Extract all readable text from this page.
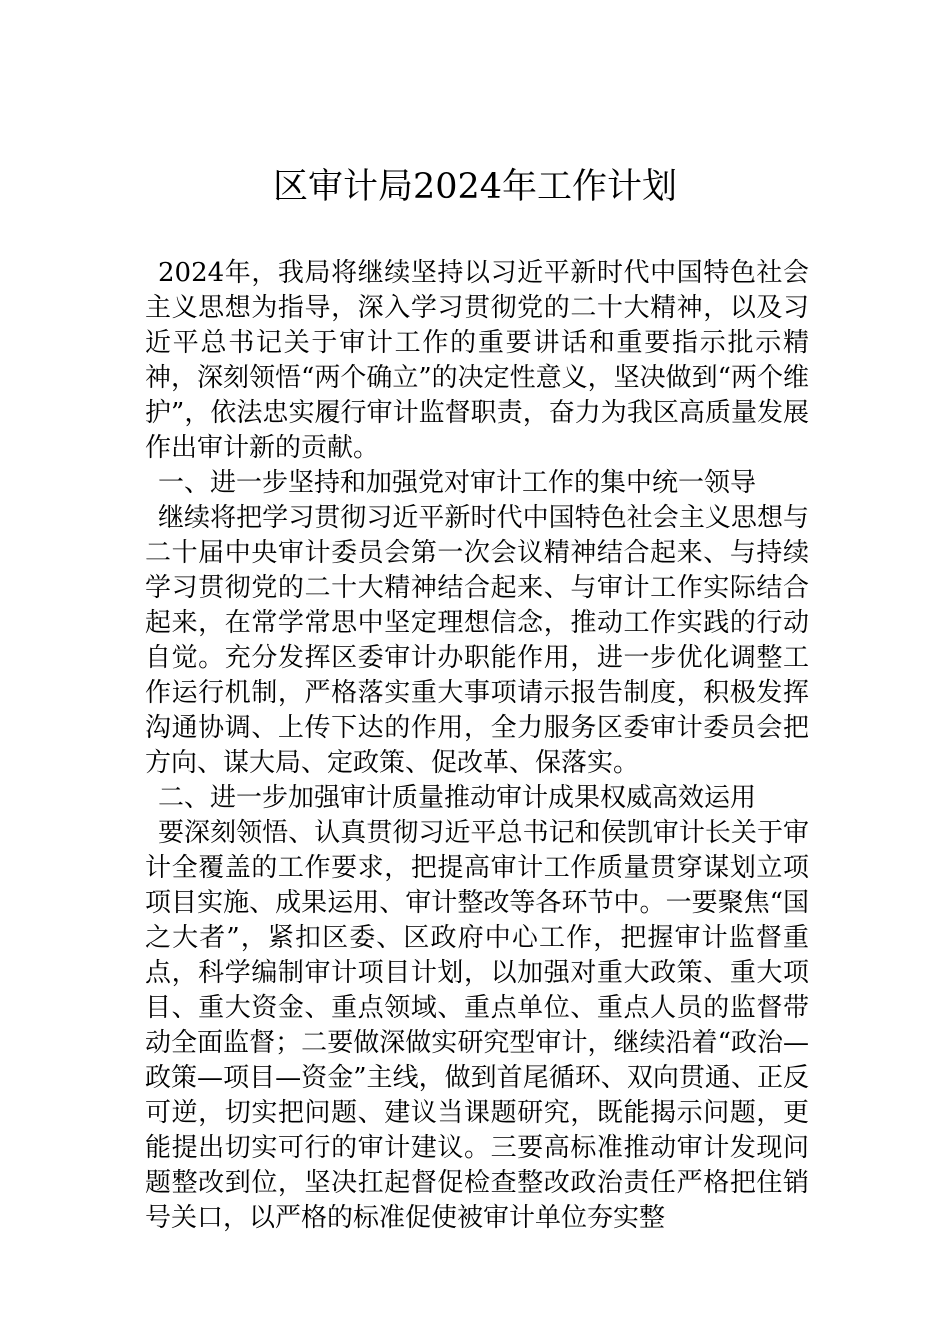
区审计局2024年工作计划

2024年，我局将继续坚持以习近平新时代中国特色社会主义思想为指导，深入学习贯彻党的二十大精神，以及习近平总书记关于审计工作的重要讲话和重要指示批示精神，深刻领悟“两个确立”的决定性意义，坚决做到“两个维护”，依法忠实履行审计监督职责，奋力为我区高质量发展作出审计新的贡献。

一、进一步坚持和加强党对审计工作的集中统一领导

继续将把学习贯彻习近平新时代中国特色社会主义思想与二十届中央审计委员会第一次会议精神结合起来、与持续学习贯彻党的二十大精神结合起来、与审计工作实际结合起来，在常学常思中坚定理想信念，推动工作实践的行动自觉。充分发挥区委审计办职能作用，进一步优化调整工作运行机制，严格落实重大事项请示报告制度，积极发挥沟通协调、上传下达的作用，全力服务区委审计委员会把方向、谋大局、定政策、促改革、保落实。

二、进一步加强审计质量推动审计成果权威高效运用

要深刻领悟、认真贯彻习近平总书记和侯凯审计长关于审计全覆盖的工作要求，把提高审计工作质量贯穿谋划立项项目实施、成果运用、审计整改等各环节中。一要聚焦“国之大者”，紧扣区委、区政府中心工作，把握审计监督重点，科学编制审计项目计划，以加强对重大政策、重大项目、重大资金、重点领域、重点单位、重点人员的监督带动全面监督；二要做深做实研究型审计，继续沿着“政治—政策—项目—资金”主线，做到首尾循环、双向贯通、正反可逆，切实把问题、建议当课题研究，既能揭示问题，更能提出切实可行的审计建议。三要高标准推动审计发现问题整改到位，坚决扛起督促检查整改政治责任严格把住销号关口，以严格的标准促使被审计单位夯实整
